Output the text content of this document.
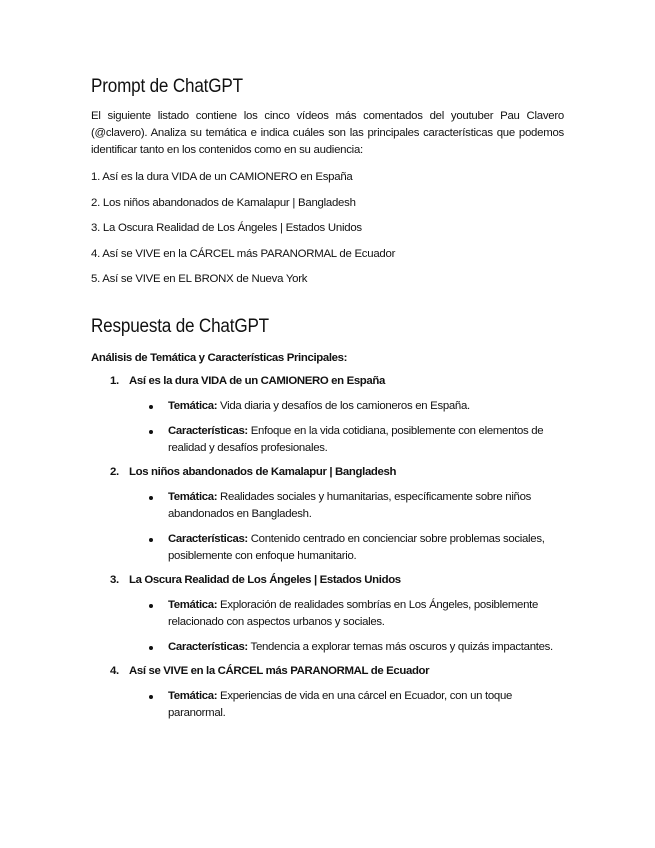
Prompt de ChatGPT

El siguiente listado contiene los cinco vídeos más comentados del youtuber Pau Clavero (@clavero). Analiza su temática e indica cuáles son las principales características que podemos identificar tanto en los contenidos como en su audiencia:

1. Así es la dura VIDA de un CAMIONERO en España
2. Los niños abandonados de Kamalapur | Bangladesh
3. La Oscura Realidad de Los Ángeles | Estados Unidos
4. Así se VIVE en la CÁRCEL más PARANORMAL de Ecuador
5. Así se VIVE en EL BRONX de Nueva York
Respuesta de ChatGPT

Análisis de Temática y Características Principales:

1. Así es la dura VIDA de un CAMIONERO en España
Temática: Vida diaria y desafíos de los camioneros en España.
Características: Enfoque en la vida cotidiana, posiblemente con elementos de realidad y desafíos profesionales.
2. Los niños abandonados de Kamalapur | Bangladesh
Temática: Realidades sociales y humanitarias, específicamente sobre niños abandonados en Bangladesh.
Características: Contenido centrado en concienciar sobre problemas sociales, posiblemente con enfoque humanitario.
3. La Oscura Realidad de Los Ángeles | Estados Unidos
Temática: Exploración de realidades sombrías en Los Ángeles, posiblemente relacionado con aspectos urbanos y sociales.
Características: Tendencia a explorar temas más oscuros y quizás impactantes.
4. Así se VIVE en la CÁRCEL más PARANORMAL de Ecuador
Temática: Experiencias de vida en una cárcel en Ecuador, con un toque paranormal.
